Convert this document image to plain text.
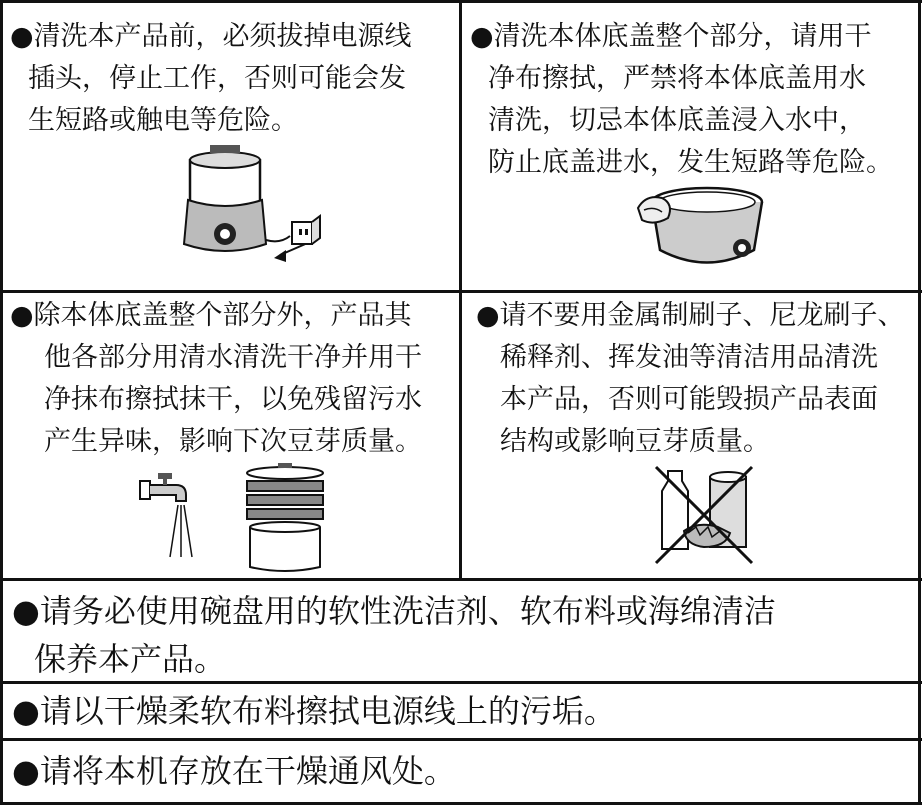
●清洗本产品前，必须拔掉电源线
插头，停止工作，否则可能会发
生短路或触电等危险。
●清洗本体底盖整个部分，请用干
净布擦拭，严禁将本体底盖用水
清洗，切忌本体底盖浸入水中，
防止底盖进水，发生短路等危险。
●除本体底盖整个部分外，产品其
他各部分用清水清洗干净并用干
净抹布擦拭抹干，以免残留污水
产生异味，影响下次豆芽质量。
●请不要用金属制刷子、尼龙刷子、
稀释剂、挥发油等清洁用品清洗
本产品，否则可能毁损产品表面
结构或影响豆芽质量。
●请务必使用碗盘用的软性洗洁剂、软布料或海绵清洁
保养本产品。
●请以干燥柔软布料擦拭电源线上的污垢。
●请将本机存放在干燥通风处。
